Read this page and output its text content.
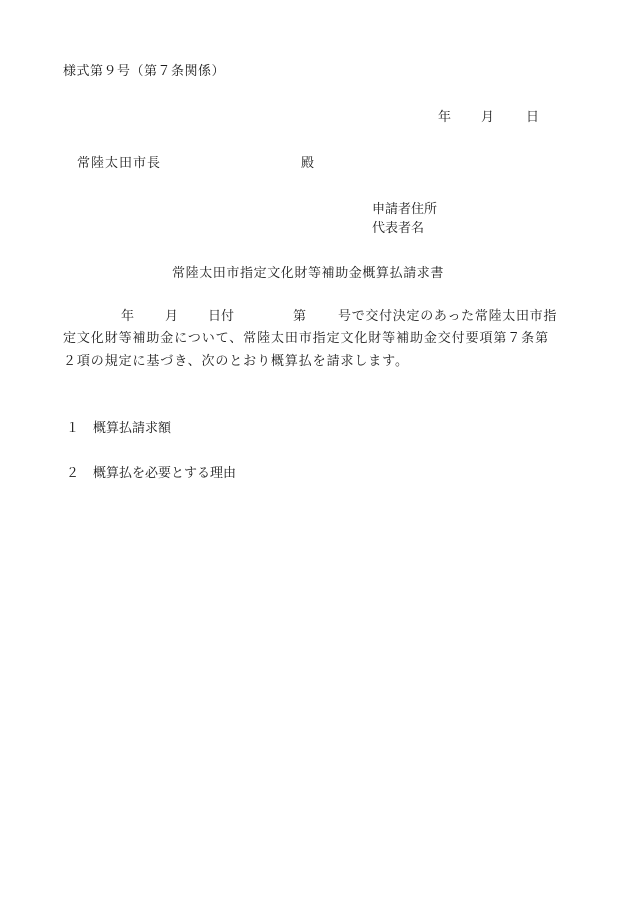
様式第９号（第７条関係）
年 月 日
常陸太田市長	殿
申請者住所
代表者名
常陸太田市指定文化財等補助金概算払請求書
年 月 日付	第 号で交付決定のあった常陸太田市指
定文化財等補助金について、常陸太田市指定文化財等補助金交付要項第７条第
２項の規定に基づき、次のとおり概算払を請求します。
１ 概算払請求額
２ 概算払を必要とする理由
